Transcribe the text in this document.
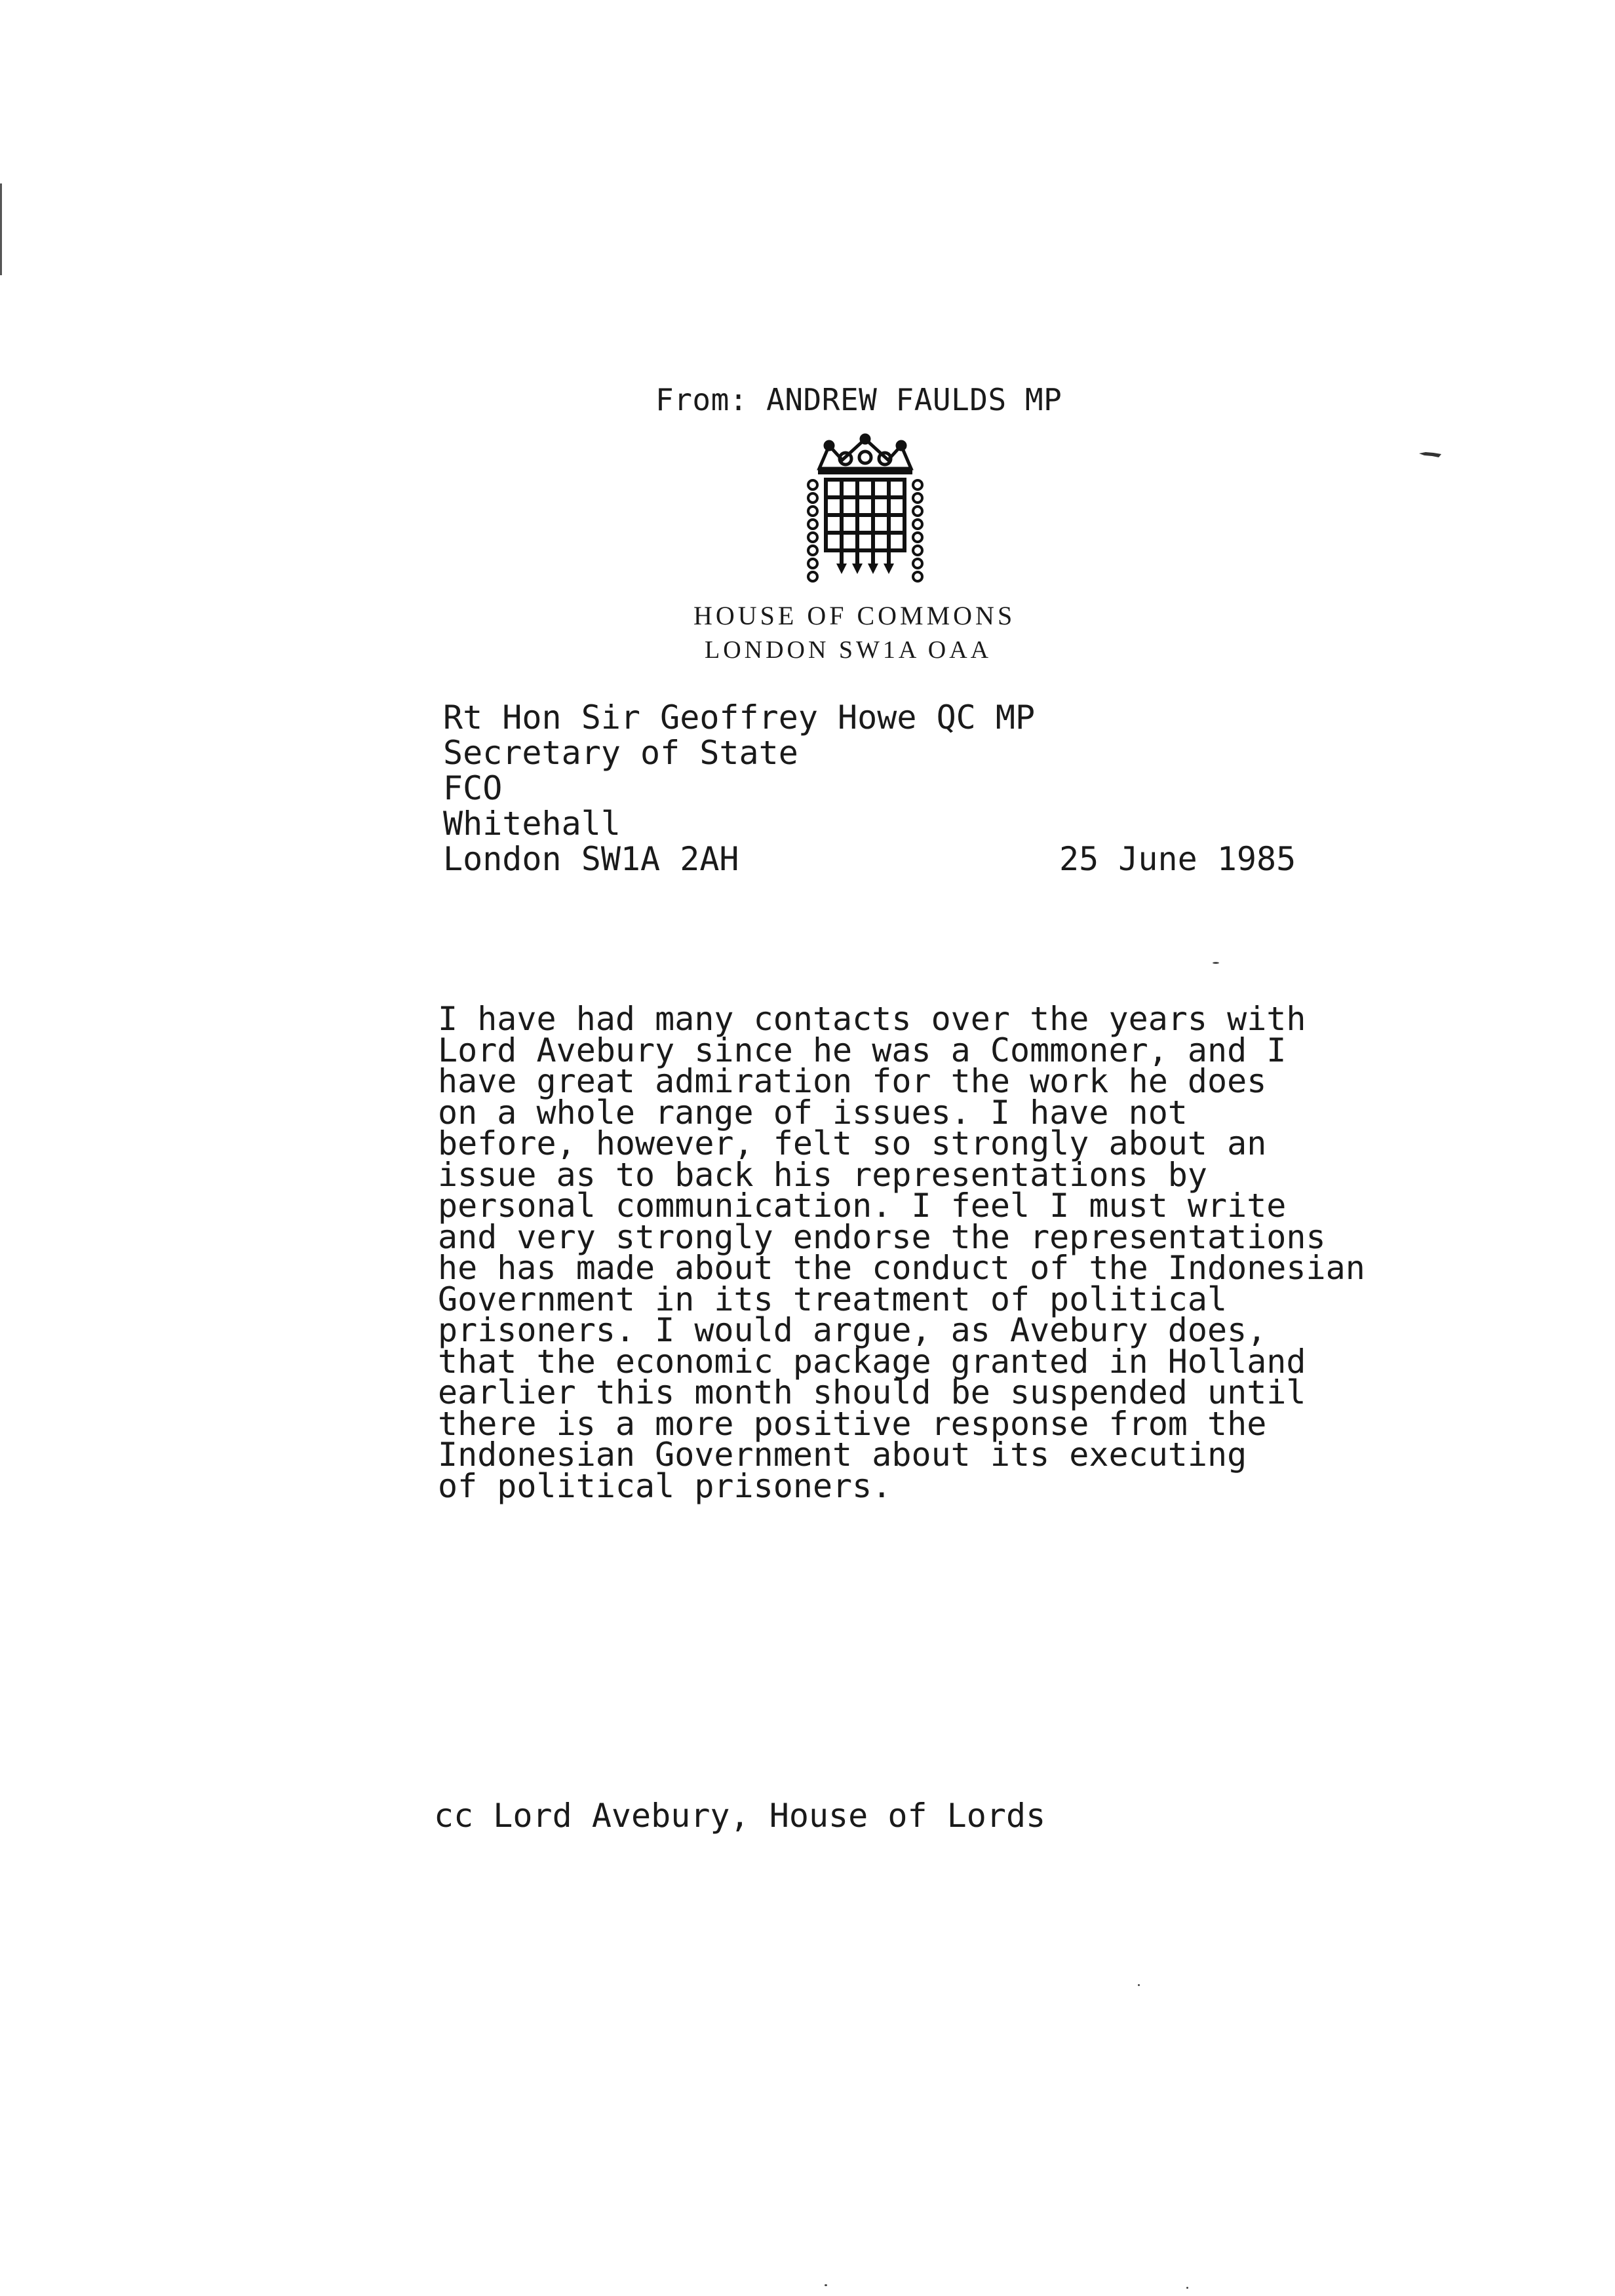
From: ANDREW FAULDS MP
HOUSE OF COMMONS
LONDON SW1A OAA
Rt Hon Sir Geoffrey Howe QC MP
Secretary of State
FCO
Whitehall
London SW1A 2AH	25 June 1985
I have had many contacts over the years with
Lord Avebury since he was a Commoner, and I
have great admiration for the work he does
on a whole range of issues. I have not
before, however, felt so strongly about an
issue as to back his representations by
personal communication. I feel I must write
and very strongly endorse the representations
he has made about the conduct of the Indonesian
Government in its treatment of political
prisoners. I would argue, as Avebury does,
that the economic package granted in Holland
earlier this month should be suspended until
there is a more positive response from the
Indonesian Government about its executing
of political prisoners.
cc Lord Avebury, House of Lords
